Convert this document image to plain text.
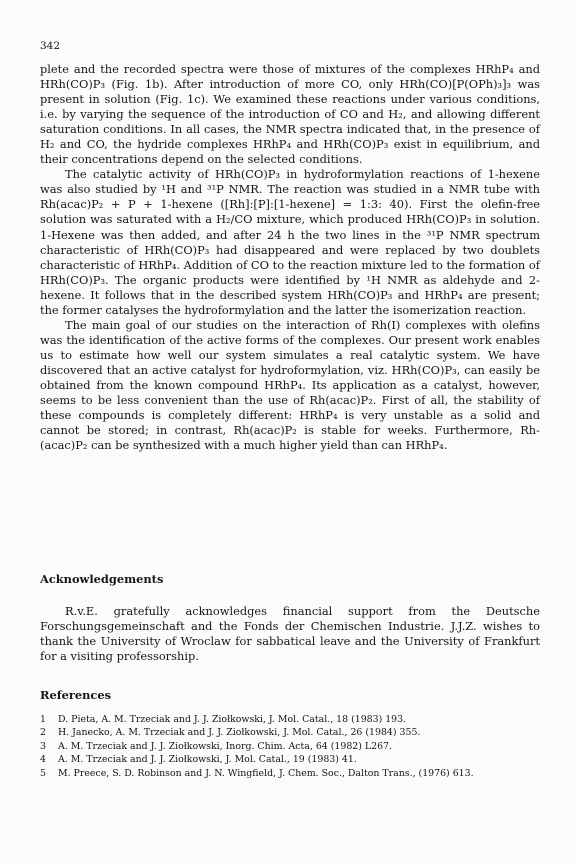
342

plete and the recorded spectra were those of mixtures of the complexes HRhP₄ and HRh(CO)P₃ (Fig. 1b). After introduction of more CO, only HRh(CO)[P(OPh)₃]₃ was present in solution (Fig. 1c). We examined these reactions under various conditions, i.e. by varying the sequence of the introduction of CO and H₂, and allowing different saturation conditions. In all cases, the NMR spectra indicated that, in the presence of H₂ and CO, the hydride complexes HRhP₄ and HRh(CO)P₃ exist in equilibrium, and their concentrations depend on the selected conditions.

The catalytic activity of HRh(CO)P₃ in hydroformylation reactions of 1-hexene was also studied by ¹H and ³¹P NMR. The reaction was studied in a NMR tube with Rh(acac)P₂ + P + 1-hexene ([Rh]:[P]:[1-hexene] = 1:3: 40). First the olefin-free solution was saturated with a H₂/CO mixture, which produced HRh(CO)P₃ in solution. 1-Hexene was then added, and after 24 h the two lines in the ³¹P NMR spectrum characteristic of HRh(CO)P₃ had disappeared and were replaced by two doublets characteristic of HRhP₄. Addition of CO to the reaction mixture led to the formation of HRh(CO)P₃. The organic products were identified by ¹H NMR as aldehyde and 2-hexene. It follows that in the described system HRh(CO)P₃ and HRhP₄ are present; the former catalyses the hydroformylation and the latter the isomerization reaction.

The main goal of our studies on the interaction of Rh(I) complexes with olefins was the identification of the active forms of the complexes. Our present work enables us to estimate how well our system simulates a real catalytic system. We have discovered that an active catalyst for hydroformylation, viz. HRh(CO)P₃, can easily be obtained from the known compound HRhP₄. Its application as a catalyst, however, seems to be less convenient than the use of Rh(acac)P₂. First of all, the stability of these compounds is completely different: HRhP₄ is very unstable as a solid and cannot be stored; in contrast, Rh(acac)P₂ is stable for weeks. Furthermore, Rh-(acac)P₂ can be synthesized with a much higher yield than can HRhP₄.

Acknowledgements

R.v.E. gratefully acknowledges financial support from the Deutsche Forschungsgemeinschaft and the Fonds der Chemischen Industrie. J.J.Z. wishes to thank the University of Wroclaw for sabbatical leave and the University of Frankfurt for a visiting professorship.

References
1	D. Pieta, A. M. Trzeciak and J. J. Ziołkowski, J. Mol. Catal., 18 (1983) 193.
2	H. Janecko, A. M. Trzeciak and J. J. Ziołkowski, J. Mol. Catal., 26 (1984) 355.
3	A. M. Trzeciak and J. J. Ziołkowski, Inorg. Chim. Acta, 64 (1982) L267.
4	A. M. Trzeciak and J. J. Ziołkowski, J. Mol. Catal., 19 (1983) 41.
5	M. Preece, S. D. Robinson and J. N. Wingfield, J. Chem. Soc., Dalton Trans., (1976) 613.
